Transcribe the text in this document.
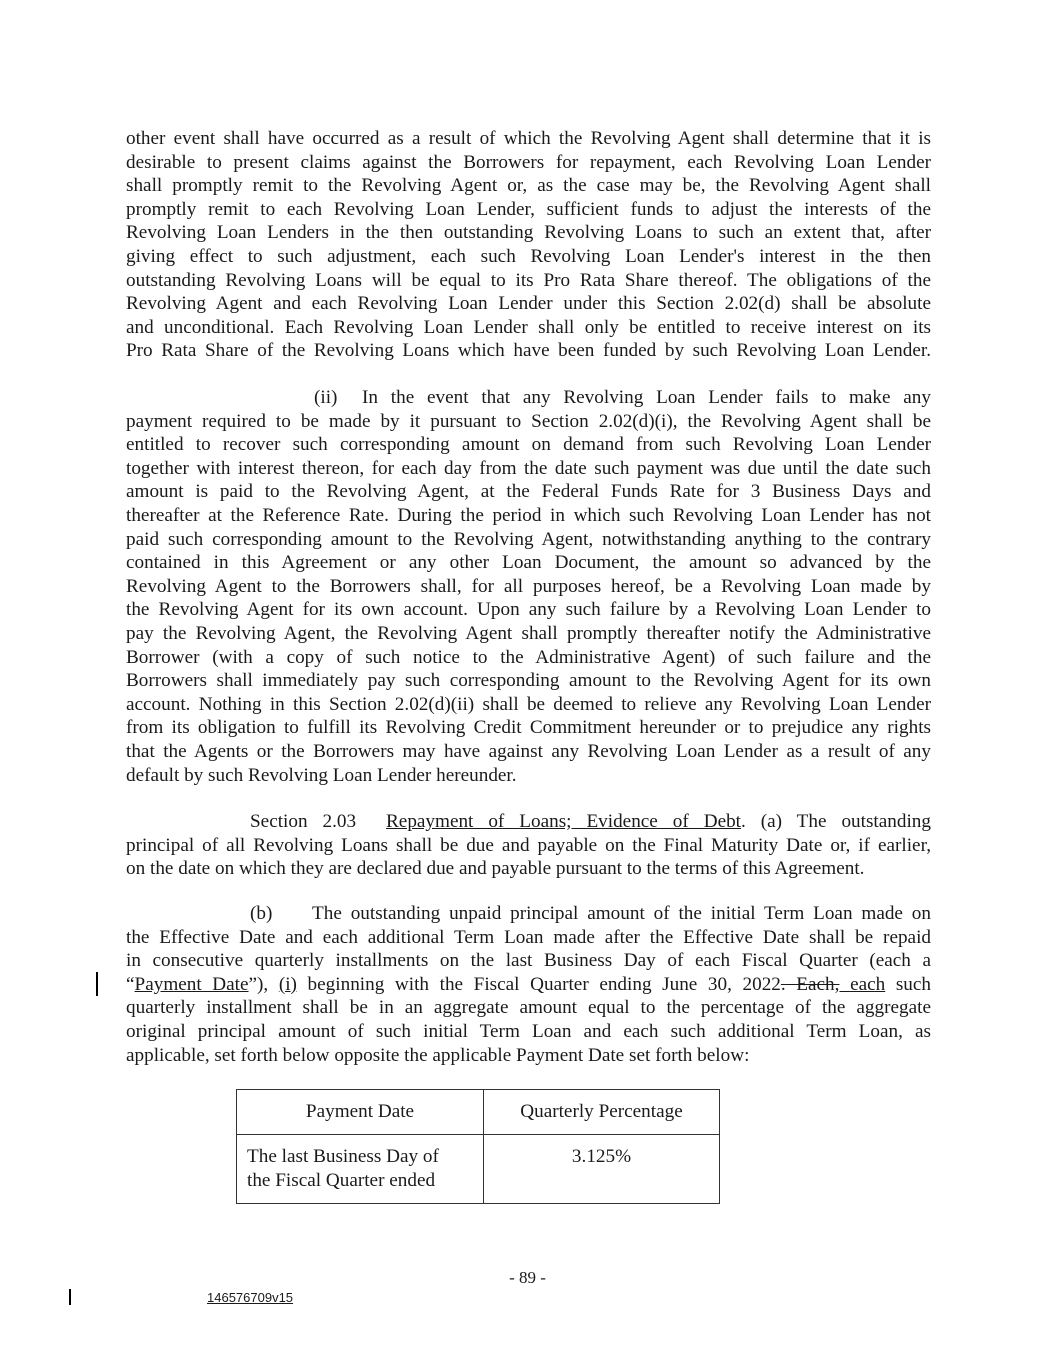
other event shall have occurred as a result of which the Revolving Agent shall determine that it is
desirable to present claims against the Borrowers for repayment, each Revolving Loan Lender
shall promptly remit to the Revolving Agent or, as the case may be, the Revolving Agent shall
promptly remit to each Revolving Loan Lender, sufficient funds to adjust the interests of the
Revolving Loan Lenders in the then outstanding Revolving Loans to such an extent that, after
giving effect to such adjustment, each such Revolving Loan Lender's interest in the then
outstanding Revolving Loans will be equal to its Pro Rata Share thereof. The obligations of the
Revolving Agent and each Revolving Loan Lender under this Section 2.02(d) shall be absolute
and unconditional. Each Revolving Loan Lender shall only be entitled to receive interest on its
Pro Rata Share of the Revolving Loans which have been funded by such Revolving Loan Lender.
(ii) In the event that any Revolving Loan Lender fails to make any
payment required to be made by it pursuant to Section 2.02(d)(i), the Revolving Agent shall be
entitled to recover such corresponding amount on demand from such Revolving Loan Lender
together with interest thereon, for each day from the date such payment was due until the date such
amount is paid to the Revolving Agent, at the Federal Funds Rate for 3 Business Days and
thereafter at the Reference Rate. During the period in which such Revolving Loan Lender has not
paid such corresponding amount to the Revolving Agent, notwithstanding anything to the contrary
contained in this Agreement or any other Loan Document, the amount so advanced by the
Revolving Agent to the Borrowers shall, for all purposes hereof, be a Revolving Loan made by
the Revolving Agent for its own account. Upon any such failure by a Revolving Loan Lender to
pay the Revolving Agent, the Revolving Agent shall promptly thereafter notify the Administrative
Borrower (with a copy of such notice to the Administrative Agent) of such failure and the
Borrowers shall immediately pay such corresponding amount to the Revolving Agent for its own
account. Nothing in this Section 2.02(d)(ii) shall be deemed to relieve any Revolving Loan Lender
from its obligation to fulfill its Revolving Credit Commitment hereunder or to prejudice any rights
that the Agents or the Borrowers may have against any Revolving Loan Lender as a result of any
default by such Revolving Loan Lender hereunder.
Section 2.03 Repayment of Loans; Evidence of Debt. (a) The outstanding
principal of all Revolving Loans shall be due and payable on the Final Maturity Date or, if earlier,
on the date on which they are declared due and payable pursuant to the terms of this Agreement.
(b) The outstanding unpaid principal amount of the initial Term Loan made on
the Effective Date and each additional Term Loan made after the Effective Date shall be repaid
in consecutive quarterly installments on the last Business Day of each Fiscal Quarter (each a
“Payment Date”), (i) beginning with the Fiscal Quarter ending June 30, 2022. Each, each such
quarterly installment shall be in an aggregate amount equal to the percentage of the aggregate
original principal amount of such initial Term Loan and each such additional Term Loan, as
applicable, set forth below opposite the applicable Payment Date set forth below:
Payment Date	Quarterly Percentage

The last Business Day of
the Fiscal Quarter ended	3.125%
- 89 -
146576709v15
